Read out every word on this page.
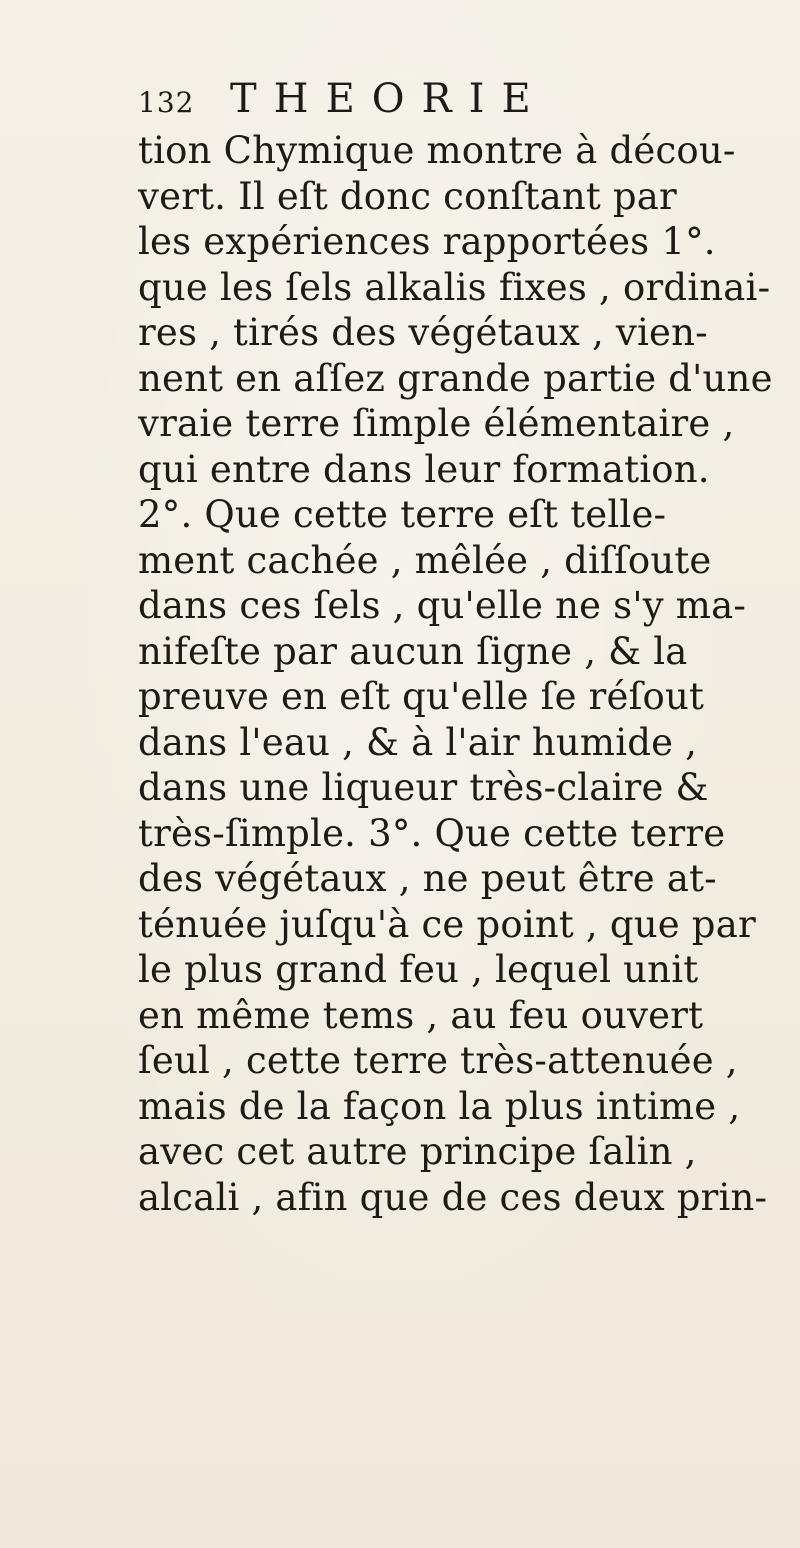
132 THEORIE
tion Chymique montre à décou-
vert. Il eſt donc conſtant par
les expériences rapportées 1°.
que les ſels alkalis fixes , ordinai-
res , tirés des végétaux , vien-
nent en aſſez grande partie d'une
vraie terre ſimple élémentaire ,
qui entre dans leur formation.
2°. Que cette terre eſt telle-
ment cachée , mêlée , diſſoute
dans ces ſels , qu'elle ne s'y ma-
nifeſte par aucun ſigne , & la
preuve en eſt qu'elle ſe réſout
dans l'eau , & à l'air humide ,
dans une liqueur très-claire &
très-ſimple. 3°. Que cette terre
des végétaux , ne peut être at-
ténuée juſqu'à ce point , que par
le plus grand feu , lequel unit
en même tems , au feu ouvert
ſeul , cette terre très-attenuée ,
mais de la façon la plus intime ,
avec cet autre principe ſalin ,
alcali , afin que de ces deux prin-
